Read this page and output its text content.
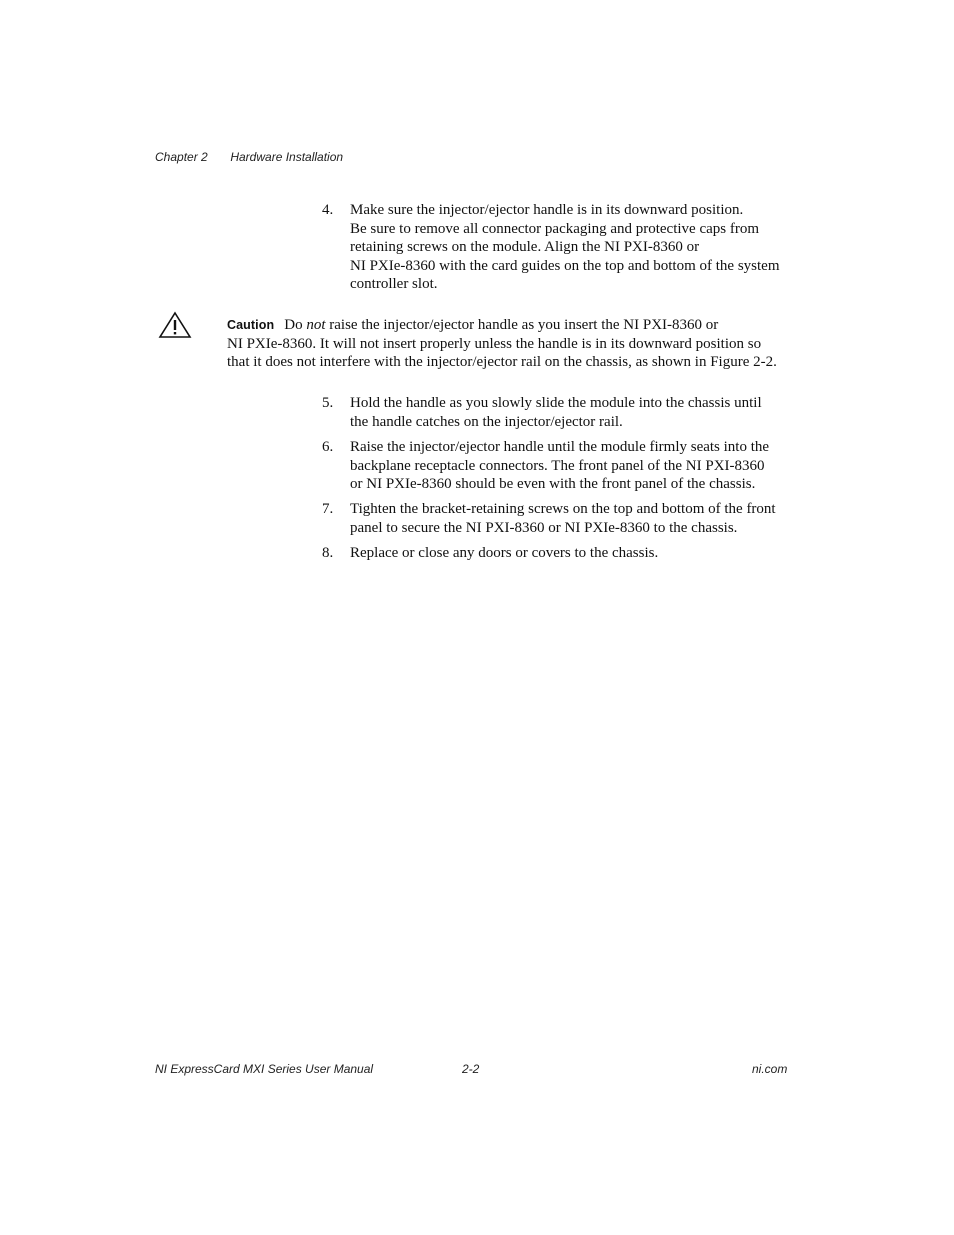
Chapter 2 Hardware Installation
4.	Make sure the injector/ejector handle is in its downward position.
Be sure to remove all connector packaging and protective caps from
retaining screws on the module. Align the NI PXI-8360 or
NI PXIe-8360 with the card guides on the top and bottom of the system
controller slot.
Caution Do not raise the injector/ejector handle as you insert the NI PXI-8360 or
NI PXIe-8360. It will not insert properly unless the handle is in its downward position so
that it does not interfere with the injector/ejector rail on the chassis, as shown in Figure 2-2.
5.	Hold the handle as you slowly slide the module into the chassis until
the handle catches on the injector/ejector rail.
6.	Raise the injector/ejector handle until the module firmly seats into the
backplane receptacle connectors. The front panel of the NI PXI-8360
or NI PXIe-8360 should be even with the front panel of the chassis.
7.	Tighten the bracket-retaining screws on the top and bottom of the front
panel to secure the NI PXI-8360 or NI PXIe-8360 to the chassis.
8.	Replace or close any doors or covers to the chassis.
NI ExpressCard MXI Series User Manual	2-2	ni.com
